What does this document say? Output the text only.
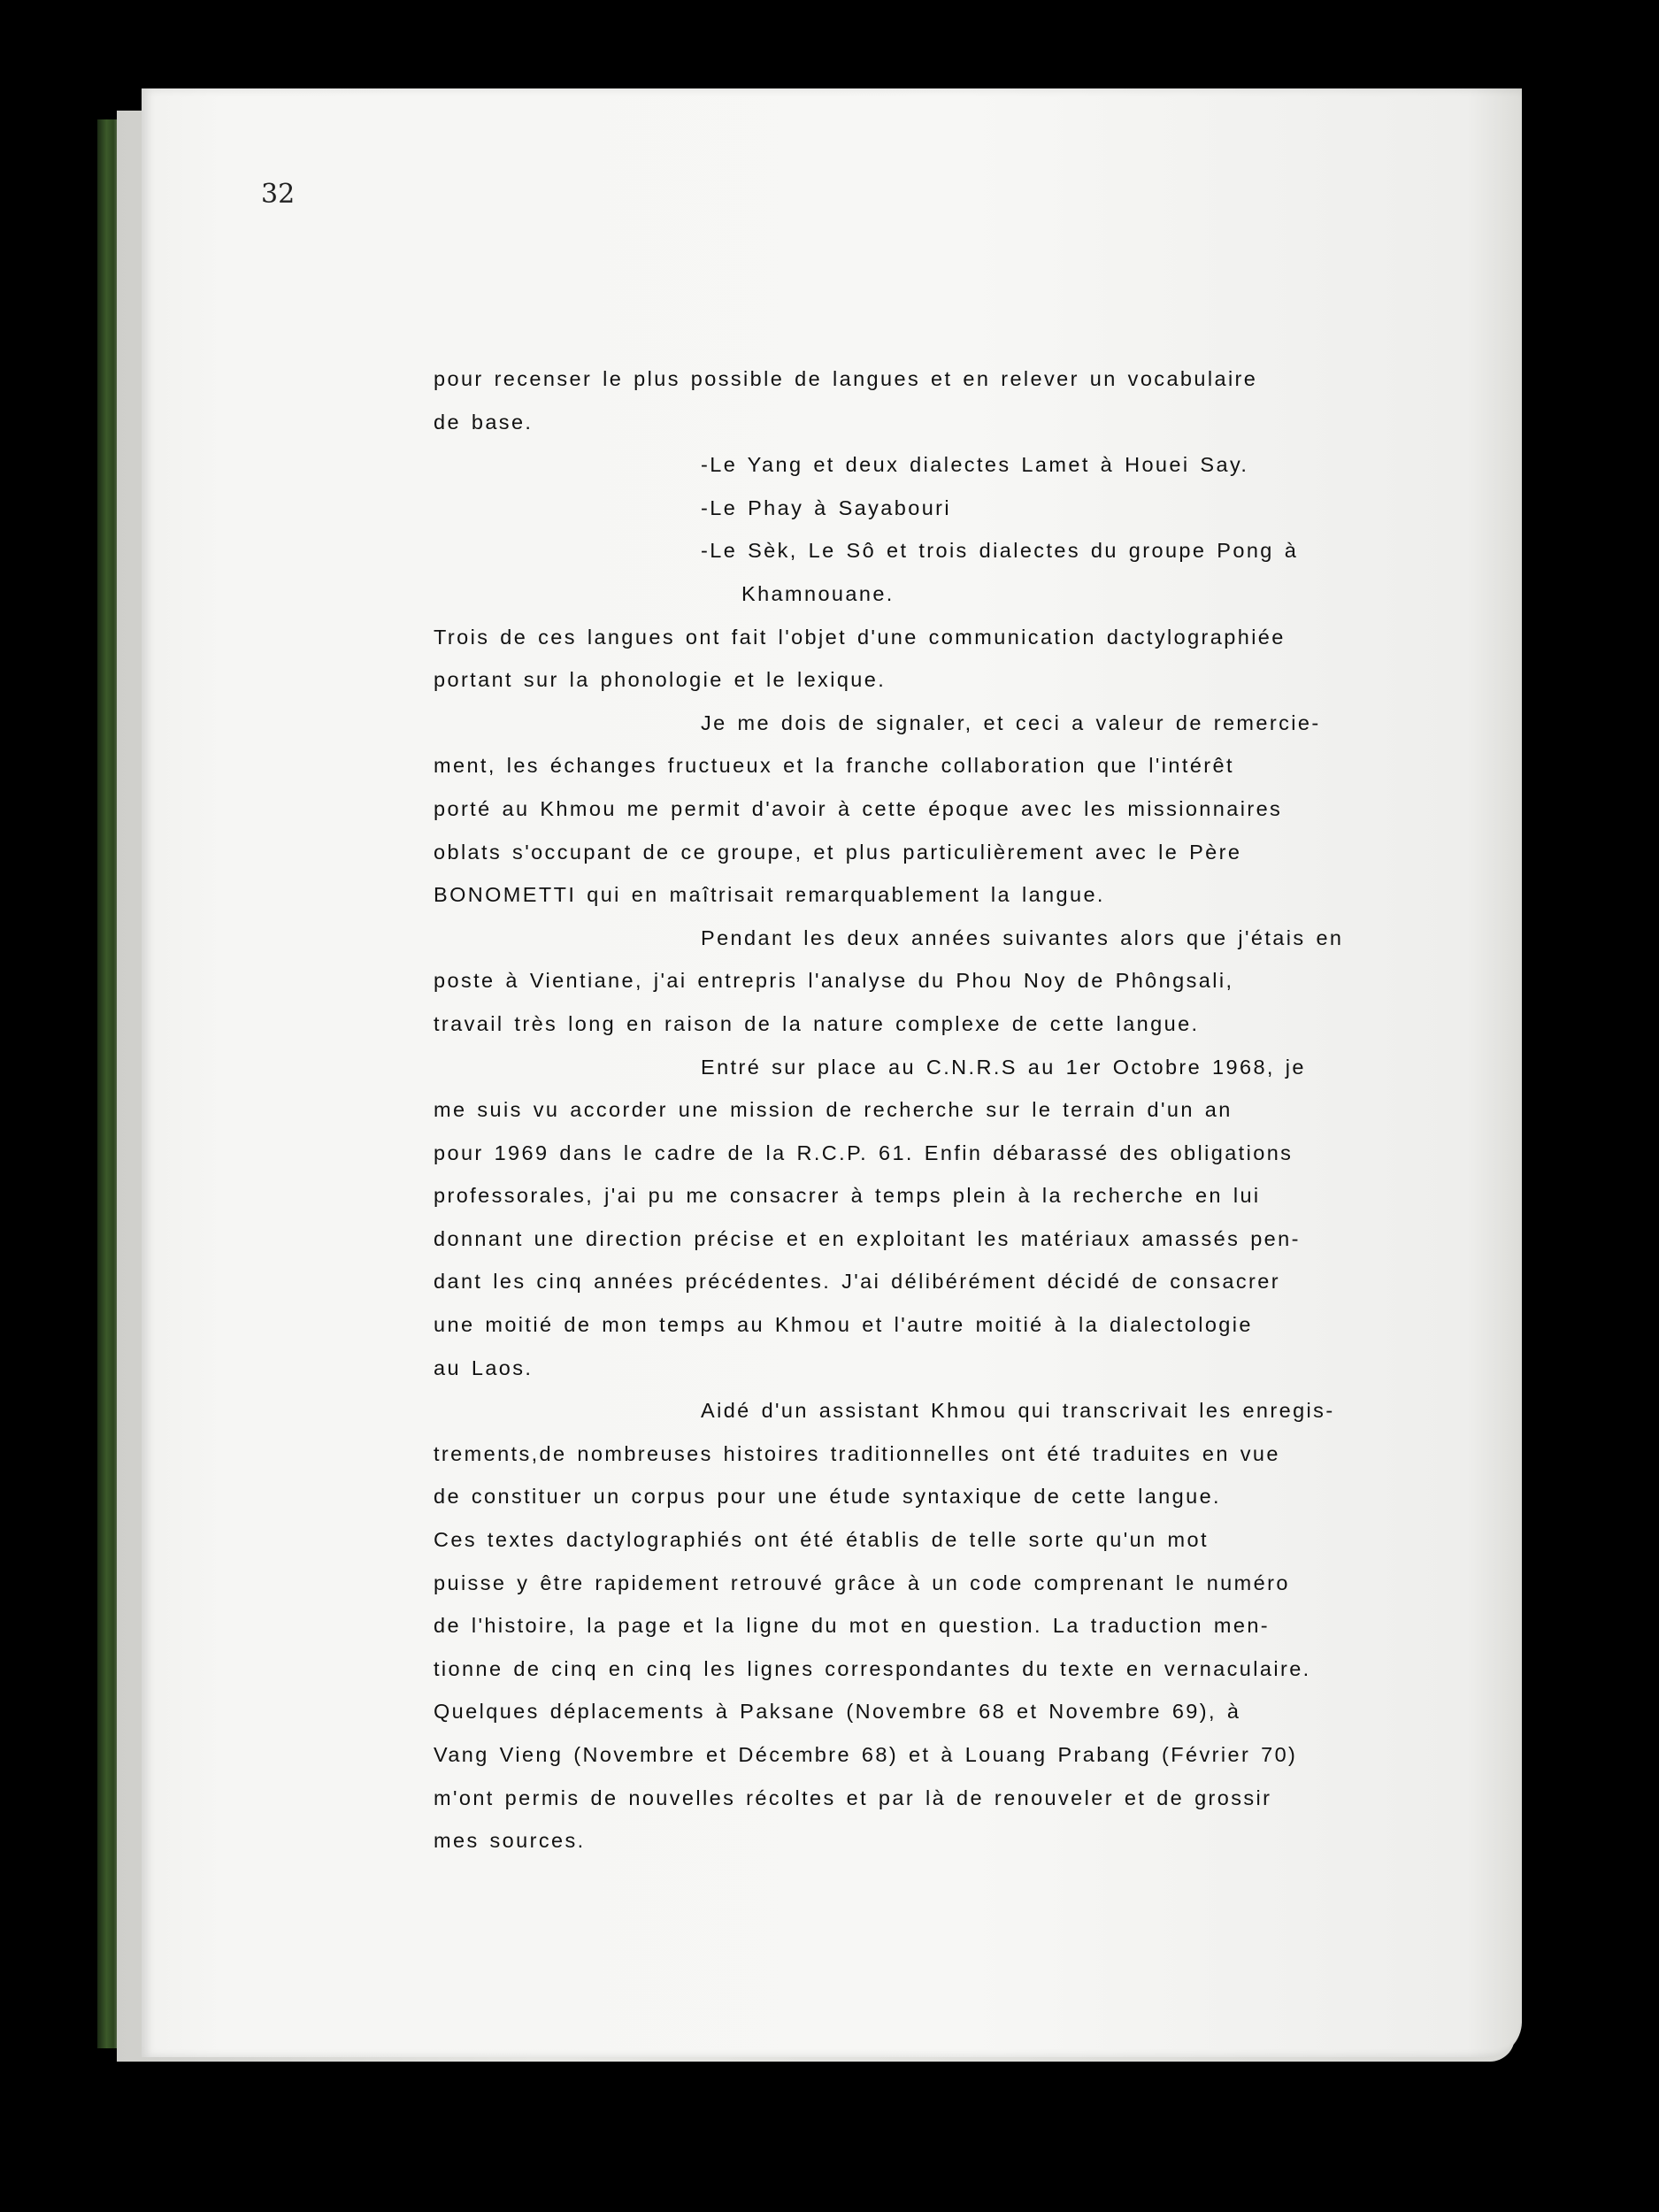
32

pour recenser le plus possible de langues et en relever un vocabulaire

de base.

-Le Yang et deux dialectes Lamet à Houei Say.

-Le Phay à Sayabouri

-Le Sèk, Le Sô et trois dialectes du groupe Pong à

Khamnouane.

Trois de ces langues ont fait l'objet d'une communication dactylographiée

portant sur la phonologie et le lexique.

Je me dois de signaler, et ceci a valeur de remercie-

ment, les échanges fructueux et la franche collaboration que l'intérêt

porté au Khmou me permit d'avoir à cette époque avec les missionnaires

oblats s'occupant de ce groupe, et plus particulièrement avec le Père

BONOMETTI qui en maîtrisait remarquablement la langue.

Pendant les deux années suivantes alors que j'étais en

poste à Vientiane, j'ai entrepris l'analyse du Phou Noy de Phôngsali,

travail très long en raison de la nature complexe de cette langue.

Entré sur place au C.N.R.S au 1er Octobre 1968, je

me suis vu accorder une mission de recherche sur le terrain d'un an

pour 1969 dans le cadre de la R.C.P. 61. Enfin débarassé des obligations

professorales, j'ai pu me consacrer à temps plein à la recherche en lui

donnant une direction précise et en exploitant les matériaux amassés pen-

dant les cinq années précédentes. J'ai délibérément décidé de consacrer

une moitié de mon temps au Khmou et l'autre moitié à la dialectologie

au Laos.

Aidé d'un assistant Khmou qui transcrivait les enregis-

trements,de nombreuses histoires traditionnelles ont été traduites en vue

de constituer un corpus pour une étude syntaxique de cette langue.

Ces textes dactylographiés ont été établis de telle sorte qu'un mot

puisse y être rapidement retrouvé grâce à un code comprenant le numéro

de l'histoire, la page et la ligne du mot en question. La traduction men-

tionne de cinq en cinq les lignes correspondantes du texte en vernaculaire.

Quelques déplacements à Paksane (Novembre 68 et Novembre 69), à

Vang Vieng (Novembre et Décembre 68) et à Louang Prabang (Février 70)

m'ont permis de nouvelles récoltes et par là de renouveler et de grossir

mes sources.
